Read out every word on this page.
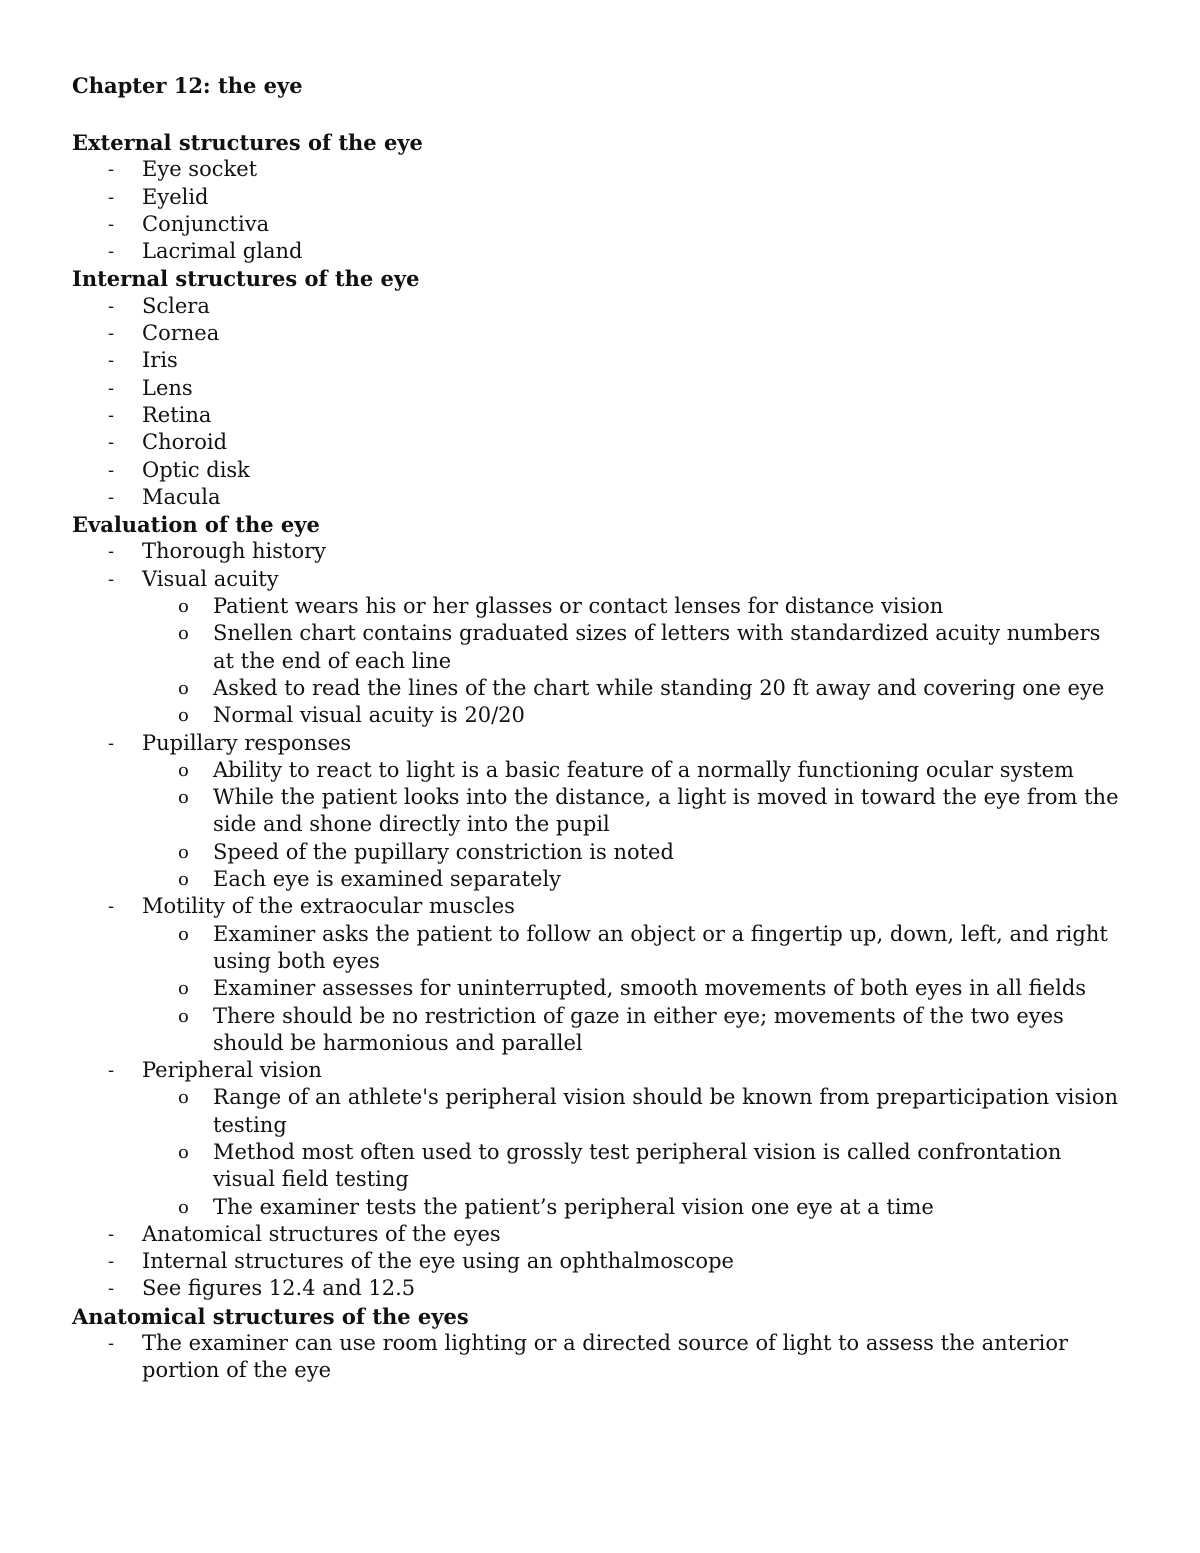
Chapter 12: the eye
External structures of the eye
- Eye socket
- Eyelid
- Conjunctiva
- Lacrimal gland
Internal structures of the eye
- Sclera
- Cornea
- Iris
- Lens
- Retina
- Choroid
- Optic disk
- Macula
Evaluation of the eye
- Thorough history
- Visual acuity
o Patient wears his or her glasses or contact lenses for distance vision
o Snellen chart contains graduated sizes of letters with standardized acuity numbers at the end of each line
o Asked to read the lines of the chart while standing 20 ft away and covering one eye
o Normal visual acuity is 20/20
- Pupillary responses
o Ability to react to light is a basic feature of a normally functioning ocular system
o While the patient looks into the distance, a light is moved in toward the eye from the side and shone directly into the pupil
o Speed of the pupillary constriction is noted
o Each eye is examined separately
- Motility of the extraocular muscles
o Examiner asks the patient to follow an object or a fingertip up, down, left, and right using both eyes
o Examiner assesses for uninterrupted, smooth movements of both eyes in all fields
o There should be no restriction of gaze in either eye; movements of the two eyes should be harmonious and parallel
- Peripheral vision
o Range of an athlete's peripheral vision should be known from preparticipation vision testing
o Method most often used to grossly test peripheral vision is called confrontation visual field testing
o The examiner tests the patient’s peripheral vision one eye at a time
- Anatomical structures of the eyes
- Internal structures of the eye using an ophthalmoscope
- See figures 12.4 and 12.5
Anatomical structures of the eyes
- The examiner can use room lighting or a directed source of light to assess the anterior portion of the eye
